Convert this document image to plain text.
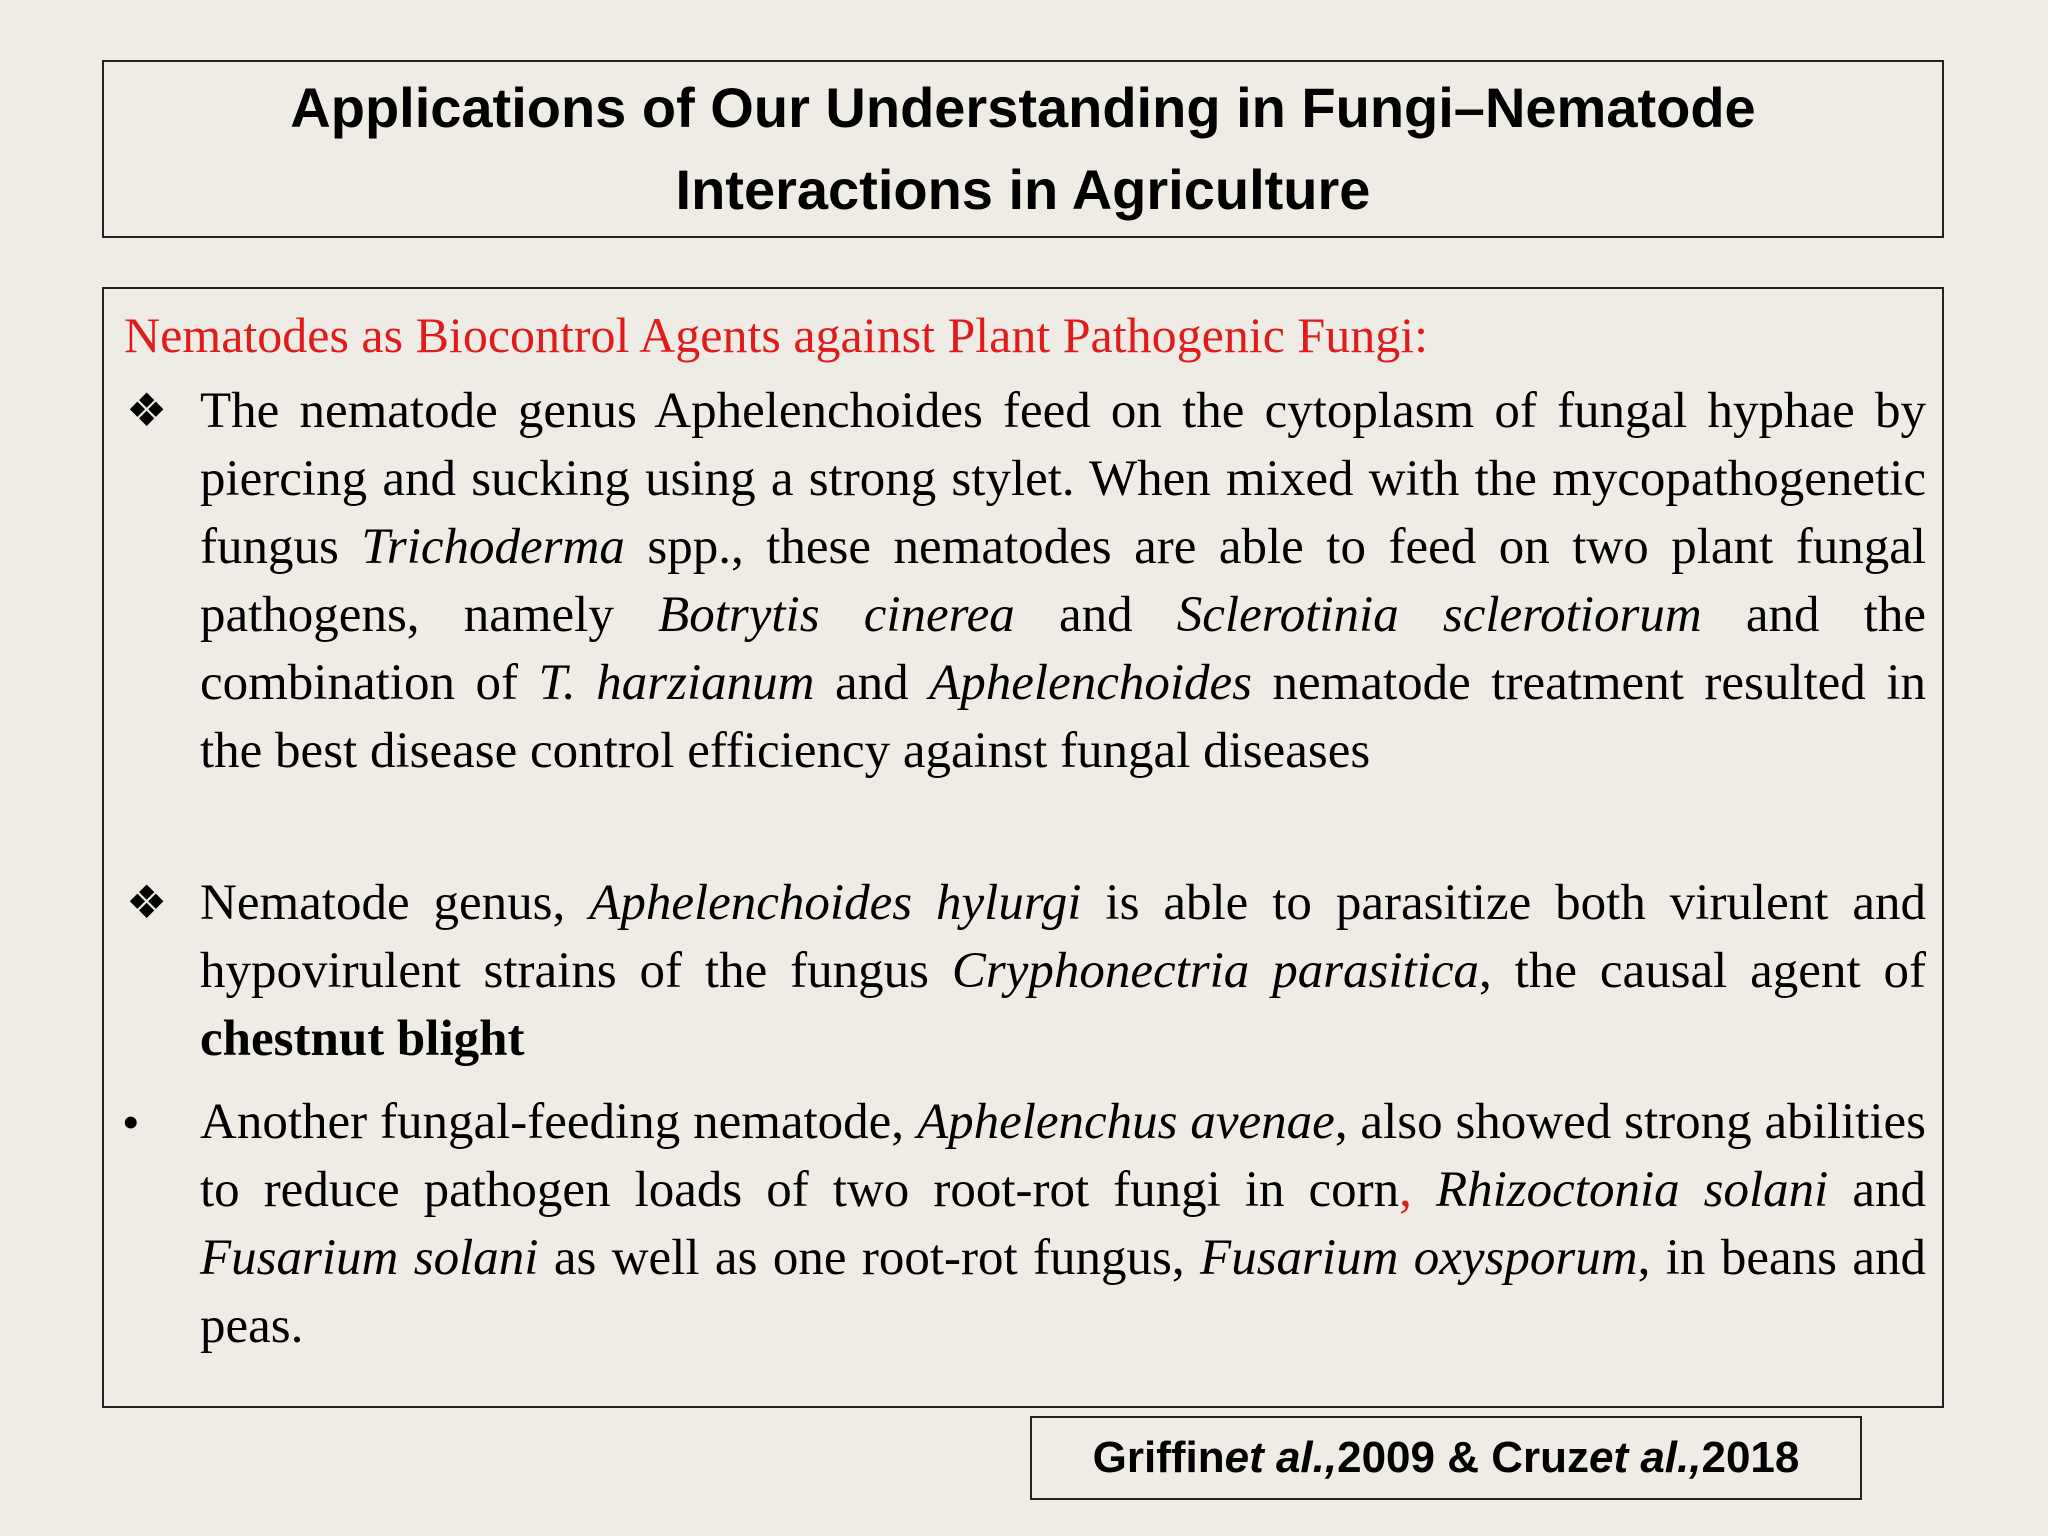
Applications of Our Understanding in Fungi–Nematode
Interactions in Agriculture
Nematodes as Biocontrol Agents against Plant Pathogenic Fungi:
❖ The nematode genus Aphelenchoides feed on the cytoplasm of fungal hyphae by piercing and sucking using a strong stylet. When mixed with the mycopathogenetic fungus Trichoderma spp., these nematodes are able to feed on two plant fungal pathogens, namely Botrytis cinerea and Sclerotinia sclerotiorum and the combination of T. harzianum and Aphelenchoides nematode treatment resulted in the best disease control efficiency against fungal diseases
❖ Nematode genus, Aphelenchoides hylurgi is able to parasitize both virulent and hypovirulent strains of the fungus Cryphonectria parasitica, the causal agent of chestnut blight
•	Another fungal-feeding nematode, Aphelenchus avenae, also showed strong abilities to reduce pathogen loads of two root-rot fungi in corn, Rhizoctonia solani and Fusarium solani as well as one root-rot fungus, Fusarium oxysporum, in beans and peas.
Griffin et al., 2009 & Cruz et al., 2018
